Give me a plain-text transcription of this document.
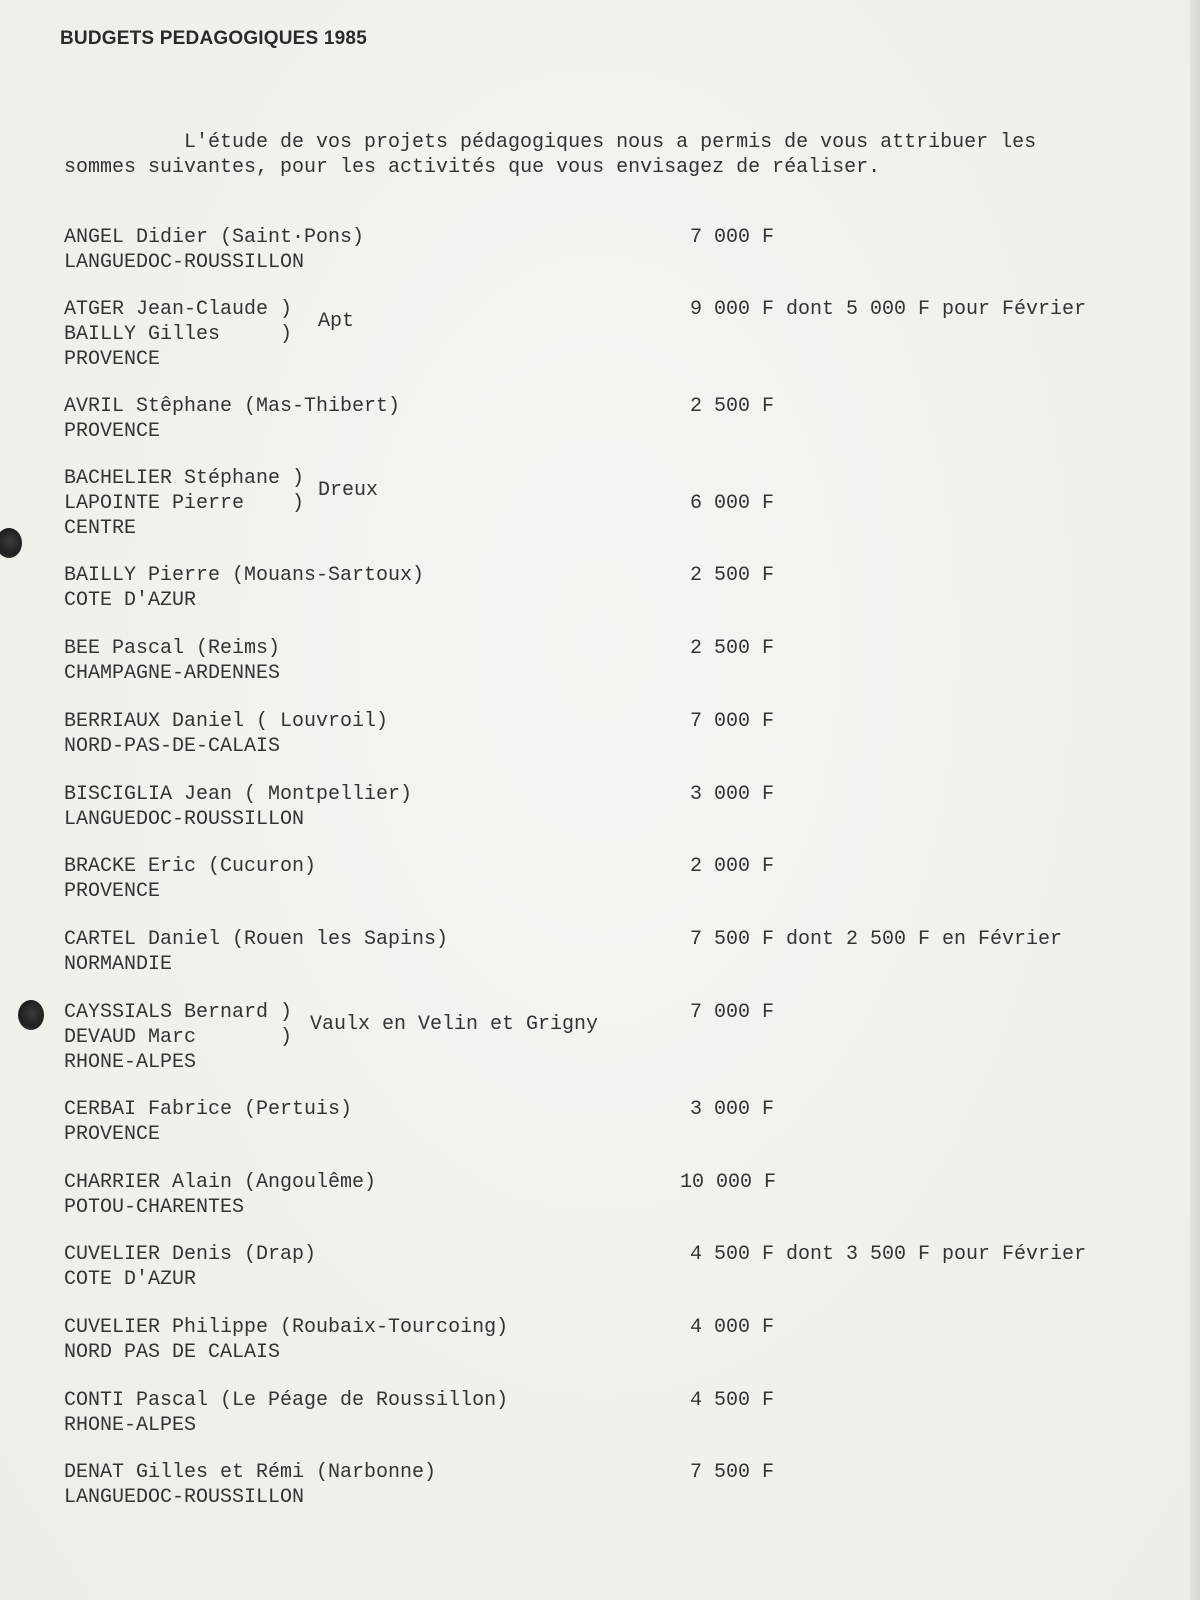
BUDGETS PEDAGOGIQUES 1985
L'étude de vos projets pédagogiques nous a permis de vous attribuer les
sommes suivantes, pour les activités que vous envisagez de réaliser.
ANGEL Didier (Saint·Pons)
LANGUEDOC-ROUSSILLON
7 000 F
ATGER Jean-Claude )
BAILLY Gilles     )
PROVENCE
Apt
9 000 F dont 5 000 F pour Février
AVRIL Stêphane (Mas-Thibert)
PROVENCE
2 500 F
BACHELIER Stéphane )
LAPOINTE Pierre    )
CENTRE
Dreux
6 000 F
BAILLY Pierre (Mouans-Sartoux)
COTE D'AZUR
2 500 F
BEE Pascal (Reims)
CHAMPAGNE-ARDENNES
2 500 F
BERRIAUX Daniel ( Louvroil)
NORD-PAS-DE-CALAIS
7 000 F
BISCIGLIA Jean ( Montpellier)
LANGUEDOC-ROUSSILLON
3 000 F
BRACKE Eric (Cucuron)
PROVENCE
2 000 F
CARTEL Daniel (Rouen les Sapins)
NORMANDIE
7 500 F dont 2 500 F en Février
CAYSSIALS Bernard )
DEVAUD Marc       )
RHONE-ALPES
Vaulx en Velin et Grigny
7 000 F
CERBAI Fabrice (Pertuis)
PROVENCE
3 000 F
CHARRIER Alain (Angoulême)
POTOU-CHARENTES
10 000 F
CUVELIER Denis (Drap)
COTE D'AZUR
4 500 F dont 3 500 F pour Février
CUVELIER Philippe (Roubaix-Tourcoing)
NORD PAS DE CALAIS
4 000 F
CONTI Pascal (Le Péage de Roussillon)
RHONE-ALPES
4 500 F
DENAT Gilles et Rémi (Narbonne)
LANGUEDOC-ROUSSILLON
7 500 F
